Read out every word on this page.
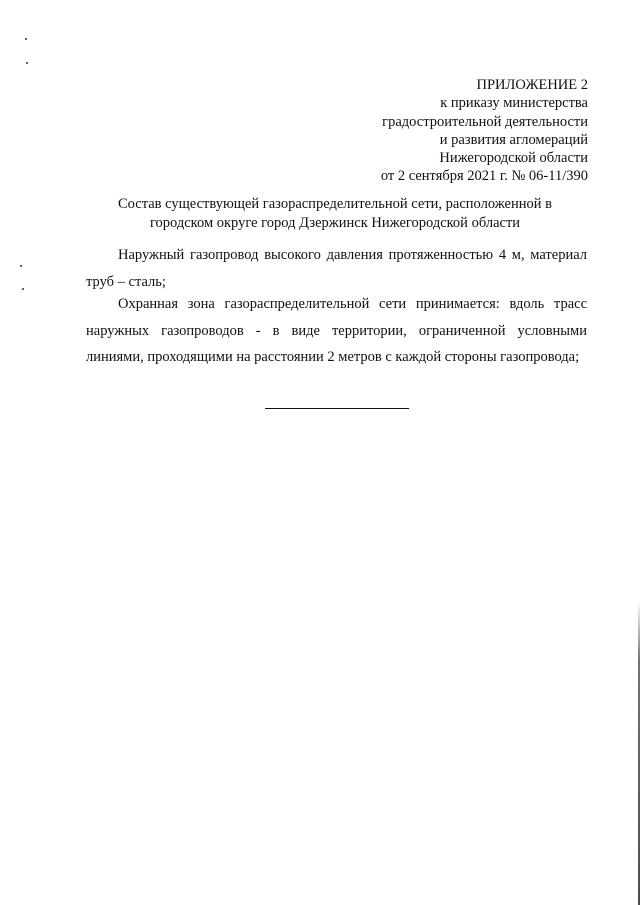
ПРИЛОЖЕНИЕ 2
к приказу министерства
градостроительной деятельности
и развития агломераций
Нижегородской области
от 2 сентября 2021 г. № 06-11/390
Состав существующей газораспределительной сети, расположенной в
городском округе город Дзержинск Нижегородской области

Наружный газопровод высокого давления протяженностью 4 м, материал труб – сталь;

Охранная зона газораспределительной сети принимается: вдоль трасс наружных газопроводов - в виде территории, ограниченной условными линиями, проходящими на расстоянии 2 метров с каждой стороны газопровода;
